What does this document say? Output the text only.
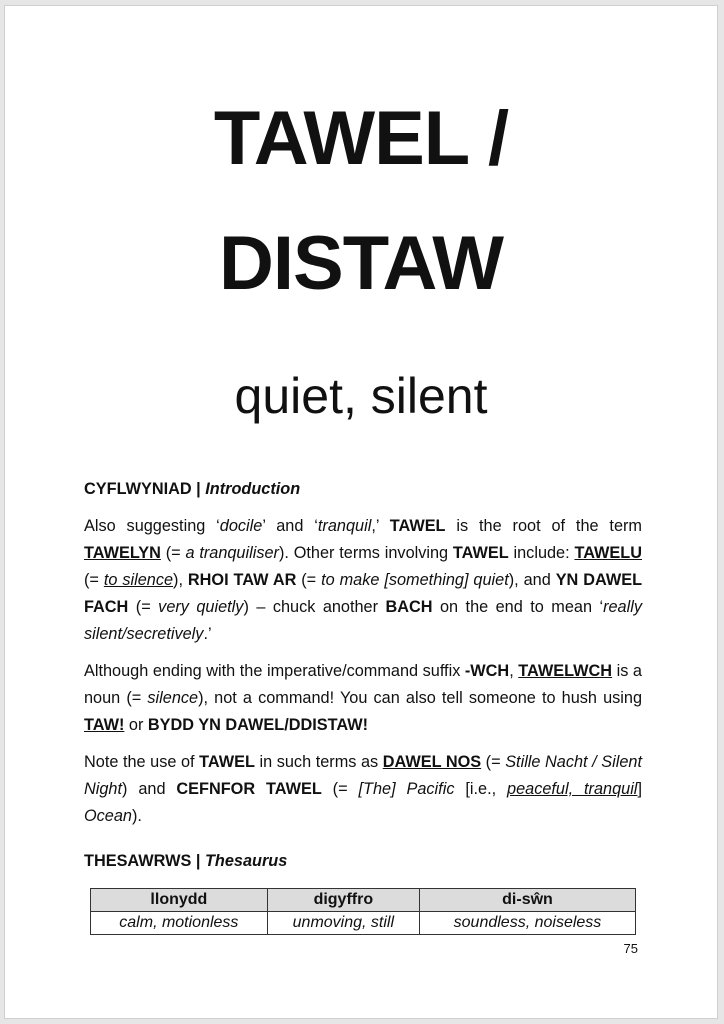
TAWEL /
DISTAW
quiet, silent
CYFLWYNIAD | Introduction

Also suggesting ‘docile’ and ‘tranquil,’ TAWEL is the root of the term TAWELYN (= a tranquiliser). Other terms involving TAWEL include: TAWELU (= to silence), RHOI TAW AR (= to make [something] quiet), and YN DAWEL FACH (= very quietly) – chuck another BACH on the end to mean ‘really silent/secretively.’

Although ending with the imperative/command suffix -WCH, TAWELWCH is a noun (= silence), not a command! You can also tell someone to hush using TAW! or BYDD YN DAWEL/DDISTAW!

Note the use of TAWEL in such terms as DAWEL NOS (= Stille Nacht / Silent Night) and CEFNFOR TAWEL (= [The] Pacific [i.e., peaceful, tranquil] Ocean).

THESAWRWS | Thesaurus
llonydd	digyffro	di-sŵn
calm, motionless	unmoving, still	soundless, noiseless
75
